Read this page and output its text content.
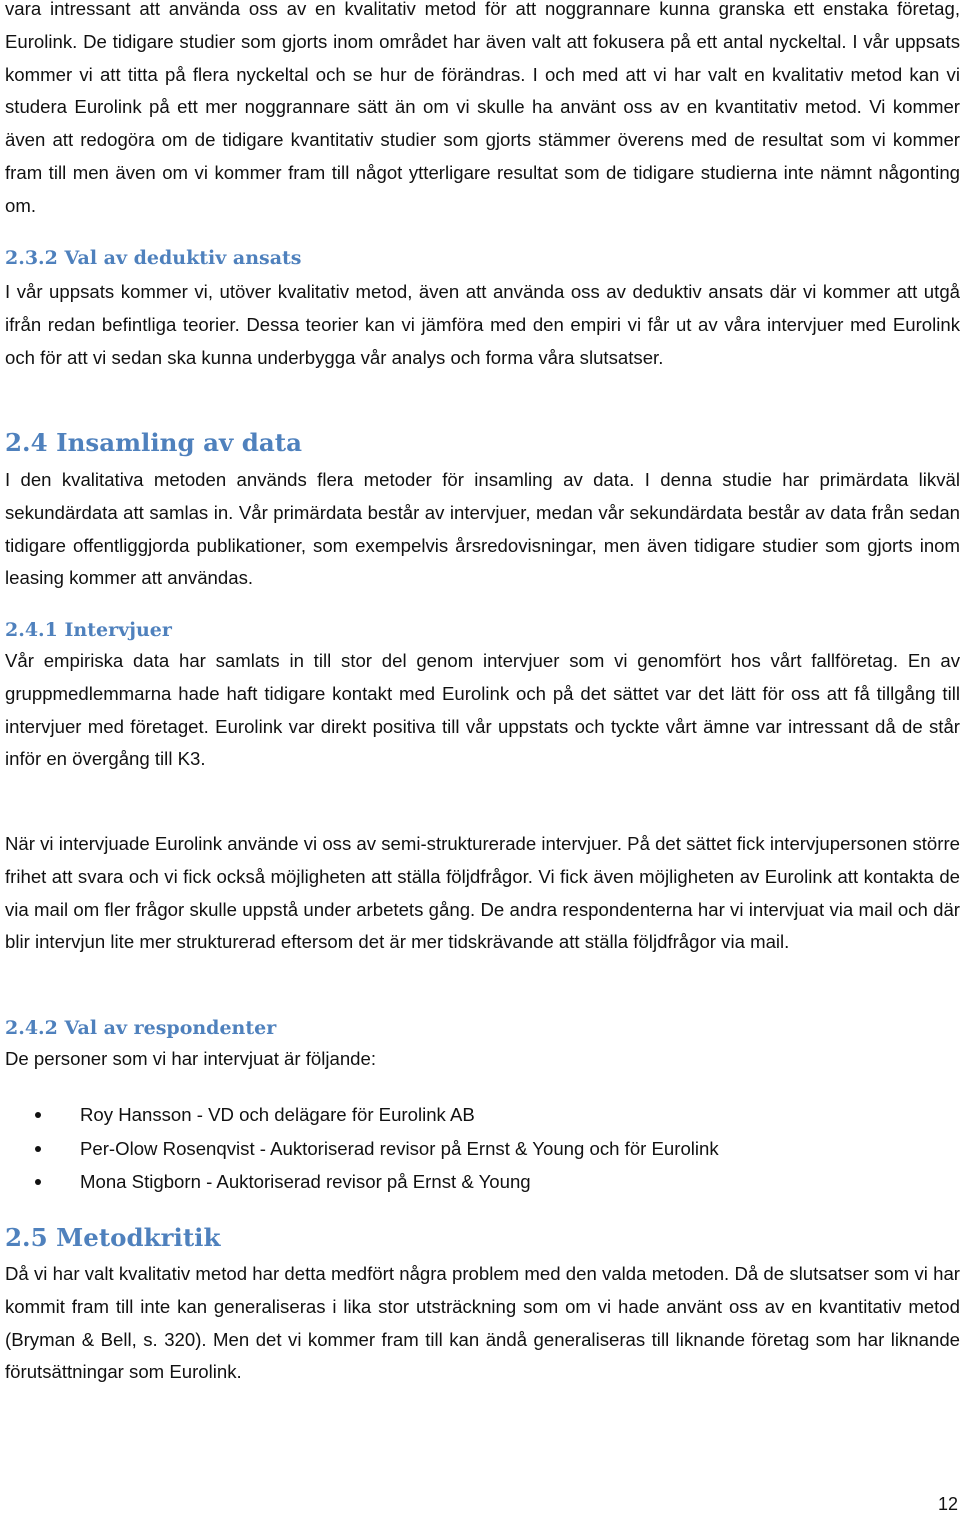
vara intressant att använda oss av en kvalitativ metod för att noggrannare kunna granska ett enstaka företag, Eurolink. De tidigare studier som gjorts inom området har även valt att fokusera på ett antal nyckeltal. I vår uppsats kommer vi att titta på flera nyckeltal och se hur de förändras. I och med att vi har valt en kvalitativ metod kan vi studera Eurolink på ett mer noggrannare sätt än om vi skulle ha använt oss av en kvantitativ metod. Vi kommer även att redogöra om de tidigare kvantitativ studier som gjorts stämmer överens med de resultat som vi kommer fram till men även om vi kommer fram till något ytterligare resultat som de tidigare studierna inte nämnt någonting om.

2.3.2 Val av deduktiv ansats

I vår uppsats kommer vi, utöver kvalitativ metod, även att använda oss av deduktiv ansats där vi kommer att utgå ifrån redan befintliga teorier. Dessa teorier kan vi jämföra med den empiri vi får ut av våra intervjuer med Eurolink och för att vi sedan ska kunna underbygga vår analys och forma våra slutsatser.

2.4 Insamling av data

I den kvalitativa metoden används flera metoder för insamling av data. I denna studie har primärdata likväl sekundärdata att samlas in. Vår primärdata består av intervjuer, medan vår sekundärdata består av data från sedan tidigare offentliggjorda publikationer, som exempelvis årsredovisningar, men även tidigare studier som gjorts inom leasing kommer att användas.

2.4.1 Intervjuer

Vår empiriska data har samlats in till stor del genom intervjuer som vi genomfört hos vårt fallföretag. En av gruppmedlemmarna hade haft tidigare kontakt med Eurolink och på det sättet var det lätt för oss att få tillgång till intervjuer med företaget. Eurolink var direkt positiva till vår uppstats och tyckte vårt ämne var intressant då de står inför en övergång till K3.

När vi intervjuade Eurolink använde vi oss av semi-strukturerade intervjuer. På det sättet fick intervjupersonen större frihet att svara och vi fick också möjligheten att ställa följdfrågor. Vi fick även möjligheten av Eurolink att kontakta de via mail om fler frågor skulle uppstå under arbetets gång. De andra respondenterna har vi intervjuat via mail och där blir intervjun lite mer strukturerad eftersom det är mer tidskrävande att ställa följdfrågor via mail.

2.4.2 Val av respondenter

De personer som vi har intervjuat är följande:

Roy Hansson - VD och delägare för Eurolink AB
Per-Olow Rosenqvist - Auktoriserad revisor på Ernst & Young och för Eurolink
Mona Stigborn - Auktoriserad revisor på Ernst & Young
2.5 Metodkritik

Då vi har valt kvalitativ metod har detta medfört några problem med den valda metoden. Då de slutsatser som vi har kommit fram till inte kan generaliseras i lika stor utsträckning som om vi hade använt oss av en kvantitativ metod (Bryman & Bell, s. 320). Men det vi kommer fram till kan ändå generaliseras till liknande företag som har liknande förutsättningar som Eurolink.

12
